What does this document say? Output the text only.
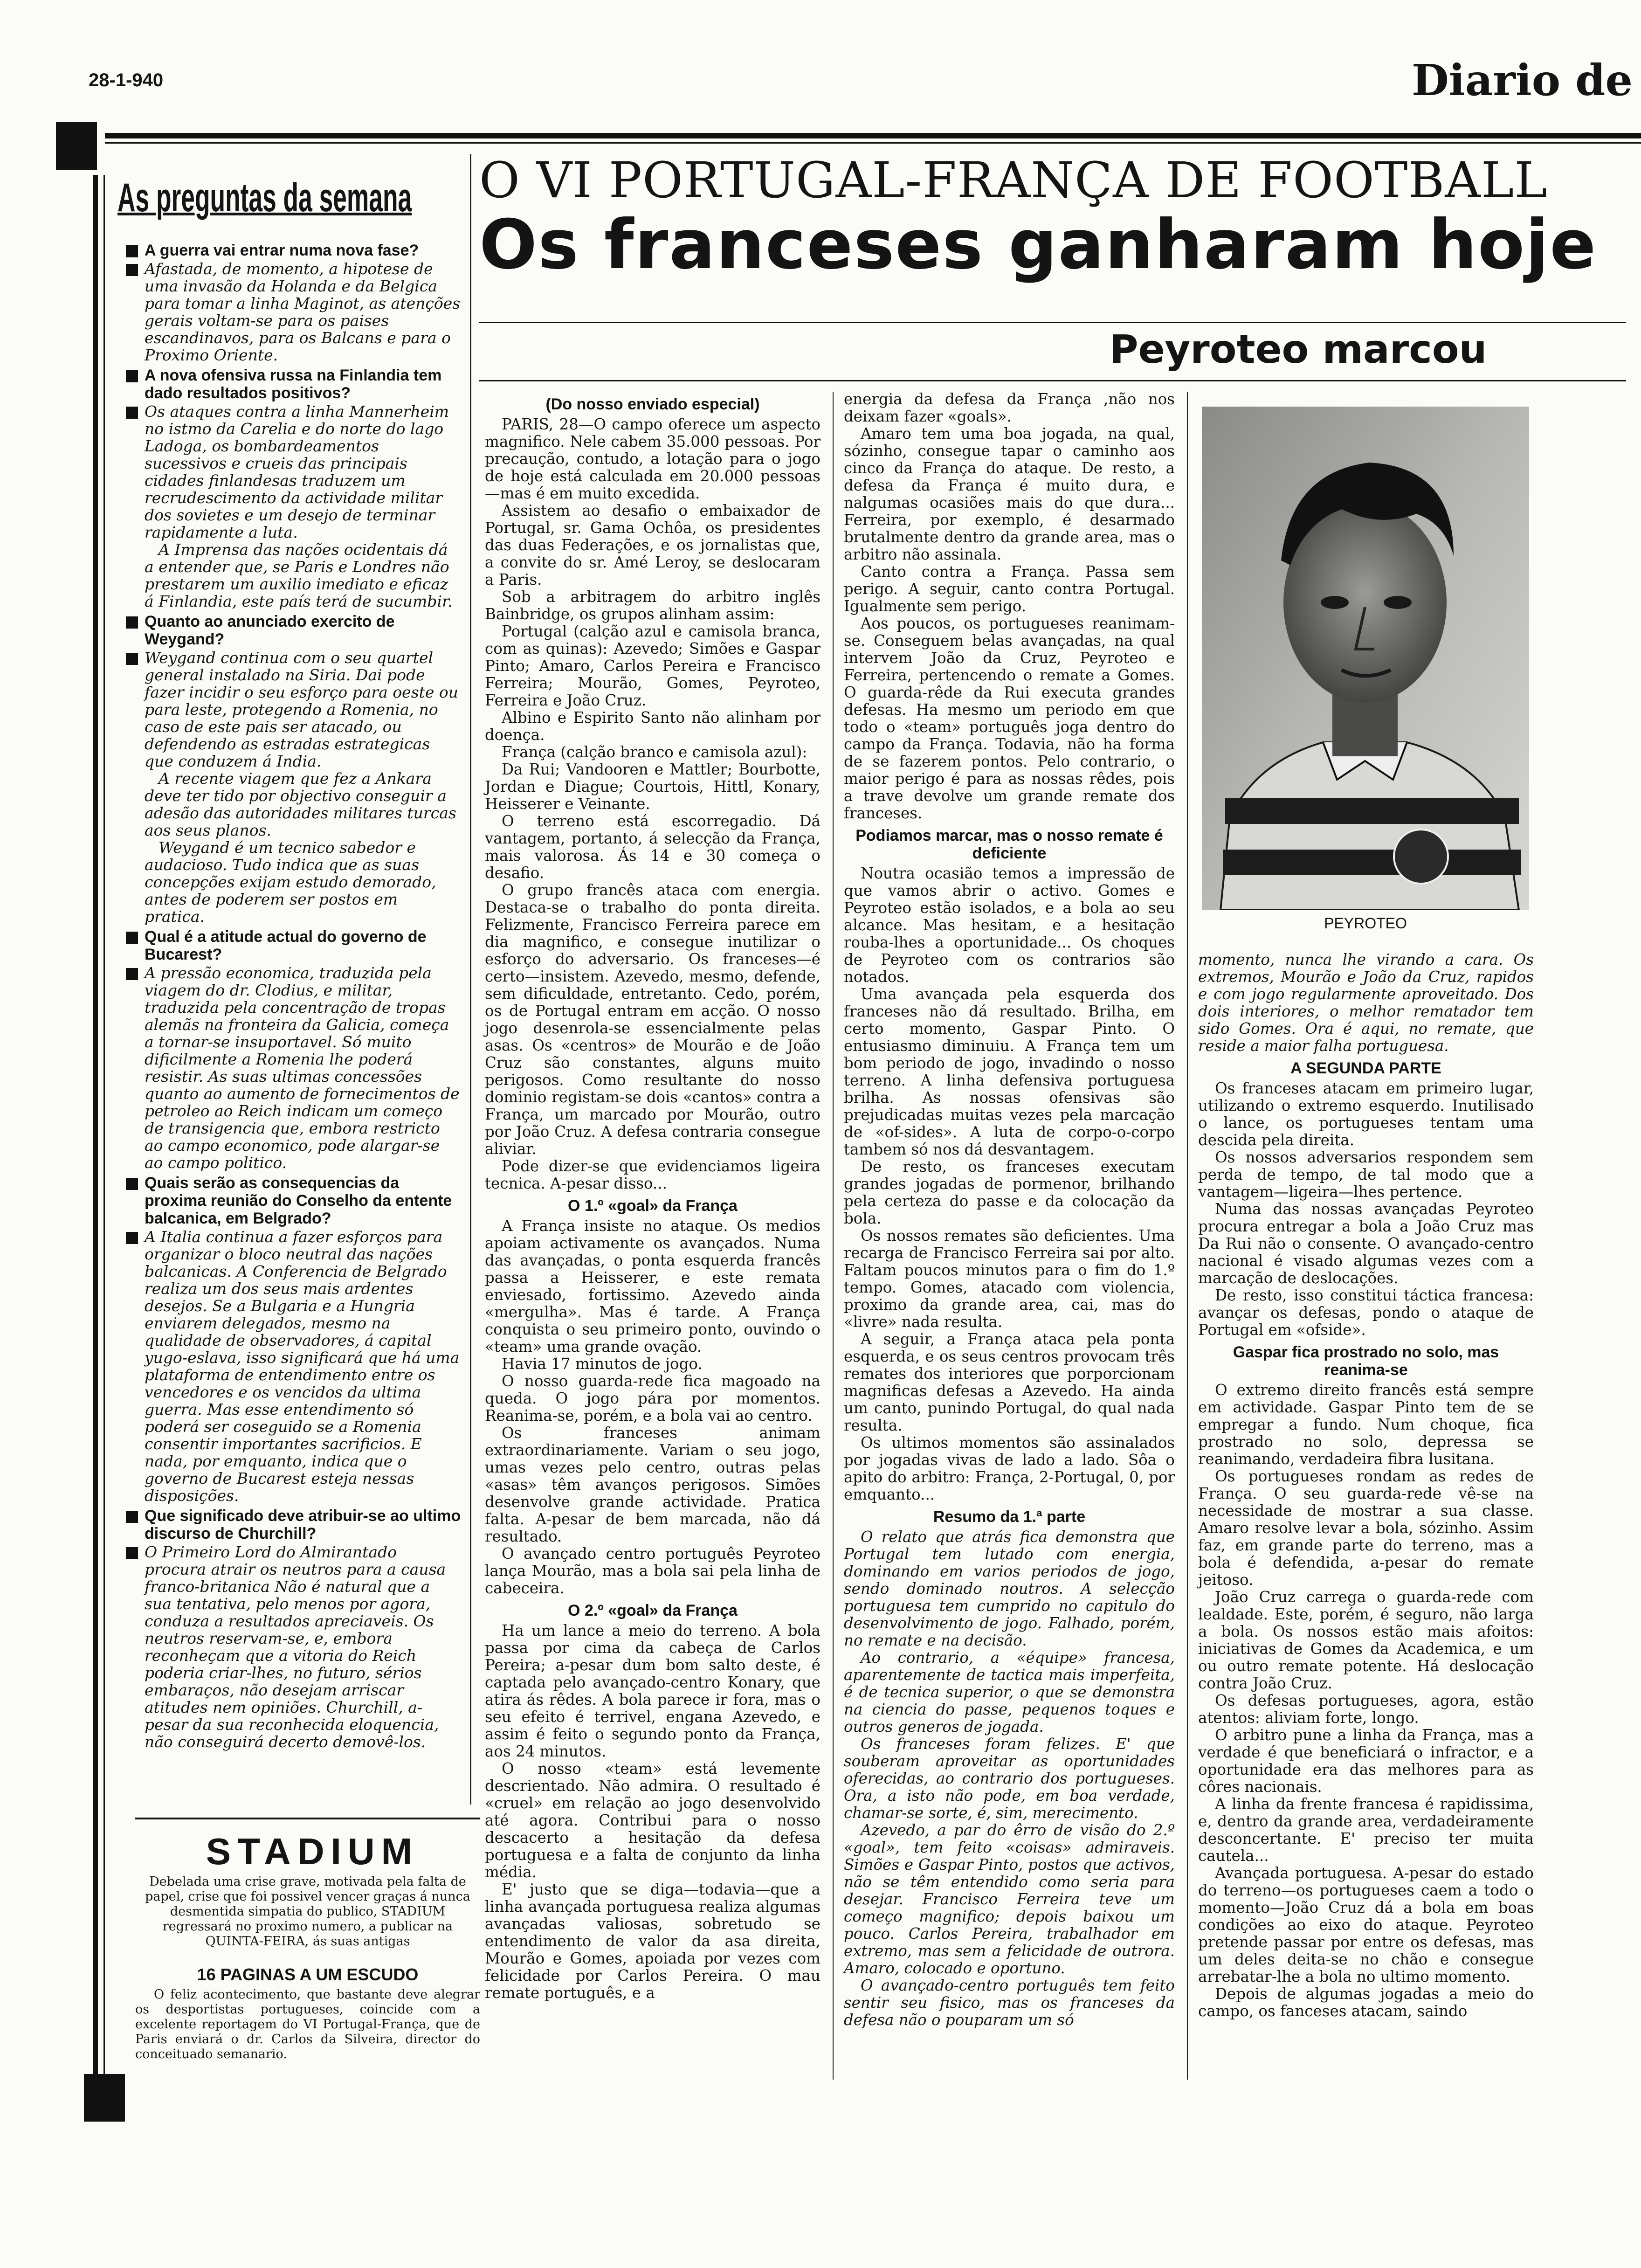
28-1-940	Diario de
As preguntas da semana
A guerra vai entrar numa nova fase?

Afastada, de momento, a hipotese de uma invasão da Holanda e da Belgica para tomar a linha Maginot, as atenções gerais voltam-se para os paises escandinavos, para os Balcans e para o Proximo Oriente.

A nova ofensiva russa na Finlandia tem dado resultados positivos?

Os ataques contra a linha Mannerheim no istmo da Carelia e do norte do lago Ladoga, os bombardeamentos sucessivos e crueis das principais cidades finlandesas traduzem um recrudescimento da actividade militar dos sovietes e um desejo de terminar rapidamente a luta.

A Imprensa das nações ocidentais dá a entender que, se Paris e Londres não prestarem um auxilio imediato e eficaz á Finlandia, este país terá de sucumbir.

Quanto ao anunciado exercito de Weygand?

Weygand continua com o seu quartel general instalado na Siria. Dai pode fazer incidir o seu esforço para oeste ou para leste, protegendo a Romenia, no caso de este pais ser atacado, ou defendendo as estradas estrategicas que conduzem á India.

A recente viagem que fez a Ankara deve ter tido por objectivo conseguir a adesão das autoridades militares turcas aos seus planos.

Weygand é um tecnico sabedor e audacioso. Tudo indica que as suas concepções exijam estudo demorado, antes de poderem ser postos em pratica.

Qual é a atitude actual do governo de Bucarest?

A pressão economica, traduzida pela viagem do dr. Clodius, e militar, traduzida pela concentração de tropas alemãs na fronteira da Galicia, começa a tornar-se insuportavel. Só muito dificilmente a Romenia lhe poderá resistir. As suas ultimas concessões quanto ao aumento de fornecimentos de petroleo ao Reich indicam um começo de transigencia que, embora restricto ao campo economico, pode alargar-se ao campo politico.

Quais serão as consequencias da proxima reunião do Conselho da entente balcanica, em Belgrado?

A Italia continua a fazer esforços para organizar o bloco neutral das nações balcanicas. A Conferencia de Belgrado realiza um dos seus mais ardentes desejos. Se a Bulgaria e a Hungria enviarem delegados, mesmo na qualidade de observadores, á capital yugo-eslava, isso significará que há uma plataforma de entendimento entre os vencedores e os vencidos da ultima guerra. Mas esse entendimento só poderá ser coseguido se a Romenia consentir importantes sacrificios. E nada, por emquanto, indica que o governo de Bucarest esteja nessas disposições.

Que significado deve atribuir-se ao ultimo discurso de Churchill?

O Primeiro Lord do Almirantado procura atrair os neutros para a causa franco-britanica Não é natural que a sua tentativa, pelo menos por agora, conduza a resultados apreciaveis. Os neutros reservam-se, e, embora reconheçam que a vitoria do Reich poderia criar-lhes, no futuro, sérios embaraços, não desejam arriscar atitudes nem opiniões. Churchill, a-pesar da sua reconhecida eloquencia, não conseguirá decerto demovê-los.

STADIUM
Debelada uma crise grave, motivada pela falta de papel, crise que foi possivel vencer graças á nunca desmentida simpatia do publico, STADIUM regressará no proximo numero, a publicar na QUINTA-FEIRA, ás suas antigas
16 PAGINAS A UM ESCUDO

O feliz acontecimento, que bastante deve alegrar os desportistas portugueses, coincide com a excelente reportagem do VI Portugal-França, que de Paris enviará o dr. Carlos da Silveira, director do conceituado semanario.

O VI PORTUGAL-FRANÇA DE FOOTBALL
Os franceses ganharam hoje
Peyroteo marcou
(Do nosso enviado especial)

PARIS, 28—O campo oferece um aspecto magnifico. Nele cabem 35.000 pessoas. Por precaução, contudo, a lotação para o jogo de hoje está calculada em 20.000 pessoas—mas é em muito excedida.

Assistem ao desafio o embaixador de Portugal, sr. Gama Ochôa, os presidentes das duas Federações, e os jornalistas que, a convite do sr. Amé Leroy, se deslocaram a Paris.

Sob a arbitragem do arbitro inglês Bainbridge, os grupos alinham assim:

Portugal (calção azul e camisola branca, com as quinas): Azevedo; Simões e Gaspar Pinto; Amaro, Carlos Pereira e Francisco Ferreira; Mourão, Gomes, Peyroteo, Ferreira e João Cruz.

Albino e Espirito Santo não alinham por doença.

França (calção branco e camisola azul):

Da Rui; Vandooren e Mattler; Bourbotte, Jordan e Diague; Courtois, Hittl, Konary, Heisserer e Veinante.

O terreno está escorregadio. Dá vantagem, portanto, á selecção da França, mais valorosa. Ás 14 e 30 começa o desafio.

O grupo francês ataca com energia. Destaca-se o trabalho do ponta direita. Felizmente, Francisco Ferreira parece em dia magnifico, e consegue inutilizar o esforço do adversario. Os franceses—é certo—insistem. Azevedo, mesmo, defende, sem dificuldade, entretanto. Cedo, porém, os de Portugal entram em acção. O nosso jogo desenrola-se essencialmente pelas asas. Os «centros» de Mourão e de João Cruz são constantes, alguns muito perigosos. Como resultante do nosso dominio registam-se dois «cantos» contra a França, um marcado por Mourão, outro por João Cruz. A defesa contraria consegue aliviar.

Pode dizer-se que evidenciamos ligeira tecnica. A-pesar disso...

O 1.º «goal» da França

A França insiste no ataque. Os medios apoiam activamente os avançados. Numa das avançadas, o ponta esquerda francês passa a Heisserer, e este remata enviesado, fortissimo. Azevedo ainda «mergulha». Mas é tarde. A França conquista o seu primeiro ponto, ouvindo o «team» uma grande ovação.

Havia 17 minutos de jogo.

O nosso guarda-rede fica magoado na queda. O jogo pára por momentos. Reanima-se, porém, e a bola vai ao centro.

Os franceses animam extraordinariamente. Variam o seu jogo, umas vezes pelo centro, outras pelas «asas» têm avanços perigosos. Simões desenvolve grande actividade. Pratica falta. A-pesar de bem marcada, não dá resultado.

O avançado centro português Peyroteo lança Mourão, mas a bola sai pela linha de cabeceira.

O 2.º «goal» da França

Ha um lance a meio do terreno. A bola passa por cima da cabeça de Carlos Pereira; a-pesar dum bom salto deste, é captada pelo avançado-centro Konary, que atira ás rêdes. A bola parece ir fora, mas o seu efeito é terrivel, engana Azevedo, e assim é feito o segundo ponto da França, aos 24 minutos.

O nosso «team» está levemente descrientado. Não admira. O resultado é «cruel» em relação ao jogo desenvolvido até agora. Contribui para o nosso descacerto a hesitação da defesa portuguesa e a falta de conjunto da linha média.

E' justo que se diga—todavia—que a linha avançada portuguesa realiza algumas avançadas valiosas, sobretudo se entendimento de valor da asa direita, Mourão e Gomes, apoiada por vezes com felicidade por Carlos Pereira. O mau remate português, e a

energia da defesa da França ,não nos deixam fazer «goals».

Amaro tem uma boa jogada, na qual, sózinho, consegue tapar o caminho aos cinco da França do ataque. De resto, a defesa da França é muito dura, e nalgumas ocasiões mais do que dura... Ferreira, por exemplo, é desarmado brutalmente dentro da grande area, mas o arbitro não assinala.

Canto contra a França. Passa sem perigo. A seguir, canto contra Portugal. Igualmente sem perigo.

Aos poucos, os portugueses reanimam-se. Conseguem belas avançadas, na qual intervem João da Cruz, Peyroteo e Ferreira, pertencendo o remate a Gomes. O guarda-rêde da Rui executa grandes defesas. Ha mesmo um periodo em que todo o «team» português joga dentro do campo da França. Todavia, não ha forma de se fazerem pontos. Pelo contrario, o maior perigo é para as nossas rêdes, pois a trave devolve um grande remate dos franceses.

Podiamos marcar, mas o nosso remate é deficiente

Noutra ocasião temos a impressão de que vamos abrir o activo. Gomes e Peyroteo estão isolados, e a bola ao seu alcance. Mas hesitam, e a hesitação rouba-lhes a oportunidade... Os choques de Peyroteo com os contrarios são notados.

Uma avançada pela esquerda dos franceses não dá resultado. Brilha, em certo momento, Gaspar Pinto. O entusiasmo diminuiu. A França tem um bom periodo de jogo, invadindo o nosso terreno. A linha defensiva portuguesa brilha. As nossas ofensivas são prejudicadas muitas vezes pela marcação de «of-sides». A luta de corpo-o-corpo tambem só nos dá desvantagem.

De resto, os franceses executam grandes jogadas de pormenor, brilhando pela certeza do passe e da colocação da bola.

Os nossos remates são deficientes. Uma recarga de Francisco Ferreira sai por alto. Faltam poucos minutos para o fim do 1.º tempo. Gomes, atacado com violencia, proximo da grande area, cai, mas do «livre» nada resulta.

A seguir, a França ataca pela ponta esquerda, e os seus centros provocam três remates dos interiores que porporcionam magnificas defesas a Azevedo. Ha ainda um canto, punindo Portugal, do qual nada resulta.

Os ultimos momentos são assinalados por jogadas vivas de lado a lado. Sôa o apito do arbitro: França, 2-Portugal, 0, por emquanto...

Resumo da 1.ª parte

O relato que atrás fica demonstra que Portugal tem lutado com energia, dominando em varios periodos de jogo, sendo dominado noutros. A selecção portuguesa tem cumprido no capitulo do desenvolvimento de jogo. Falhado, porém, no remate e na decisão.

Ao contrario, a «équipe» francesa, aparentemente de tactica mais imperfeita, é de tecnica superior, o que se demonstra na ciencia do passe, pequenos toques e outros generos de jogada.

Os franceses foram felizes. E' que souberam aproveitar as oportunidades oferecidas, ao contrario dos portugueses. Ora, a isto não pode, em boa verdade, chamar-se sorte, é, sim, merecimento.

Azevedo, a par do êrro de visão do 2.º «goal», tem feito «coisas» admiraveis. Simões e Gaspar Pinto, postos que activos, não se têm entendido como seria para desejar. Francisco Ferreira teve um começo magnifico; depois baixou um pouco. Carlos Pereira, trabalhador em extremo, mas sem a felicidade de outrora. Amaro, colocado e oportuno.

O avançado-centro português tem feito sentir seu fisico, mas os franceses da defesa não o pouparam um só

PEYROTEO

momento, nunca lhe virando a cara. Os extremos, Mourão e João da Cruz, rapidos e com jogo regularmente aproveitado. Dos dois interiores, o melhor rematador tem sido Gomes. Ora é aqui, no remate, que reside a maior falha portuguesa.

A SEGUNDA PARTE

Os franceses atacam em primeiro lugar, utilizando o extremo esquerdo. Inutilisado o lance, os portugueses tentam uma descida pela direita.

Os nossos adversarios respondem sem perda de tempo, de tal modo que a vantagem—ligeira—lhes pertence.

Numa das nossas avançadas Peyroteo procura entregar a bola a João Cruz mas Da Rui não o consente. O avançado-centro nacional é visado algumas vezes com a marcação de deslocações.

De resto, isso constitui táctica francesa: avançar os defesas, pondo o ataque de Portugal em «ofside».

Gaspar fica prostrado no solo, mas reanima-se

O extremo direito francês está sempre em actividade. Gaspar Pinto tem de se empregar a fundo. Num choque, fica prostrado no solo, depressa se reanimando, verdadeira fibra lusitana.

Os portugueses rondam as redes de França. O seu guarda-rede vê-se na necessidade de mostrar a sua classe. Amaro resolve levar a bola, sózinho. Assim faz, em grande parte do terreno, mas a bola é defendida, a-pesar do remate jeitoso.

João Cruz carrega o guarda-rede com lealdade. Este, porém, é seguro, não larga a bola. Os nossos estão mais afoitos: iniciativas de Gomes da Academica, e um ou outro remate potente. Há deslocação contra João Cruz.

Os defesas portugueses, agora, estão atentos: aliviam forte, longo.

O arbitro pune a linha da França, mas a verdade é que beneficiará o infractor, e a oportunidade era das melhores para as côres nacionais.

A linha da frente francesa é rapidissima, e, dentro da grande area, verdadeiramente desconcertante. E' preciso ter muita cautela...

Avançada portuguesa. A-pesar do estado do terreno—os portugueses caem a todo o momento—João Cruz dá a bola em boas condições ao eixo do ataque. Peyroteo pretende passar por entre os defesas, mas um deles deita-se no chão e consegue arrebatar-lhe a bola no ultimo momento.

Depois de algumas jogadas a meio do campo, os fanceses atacam, saindo
